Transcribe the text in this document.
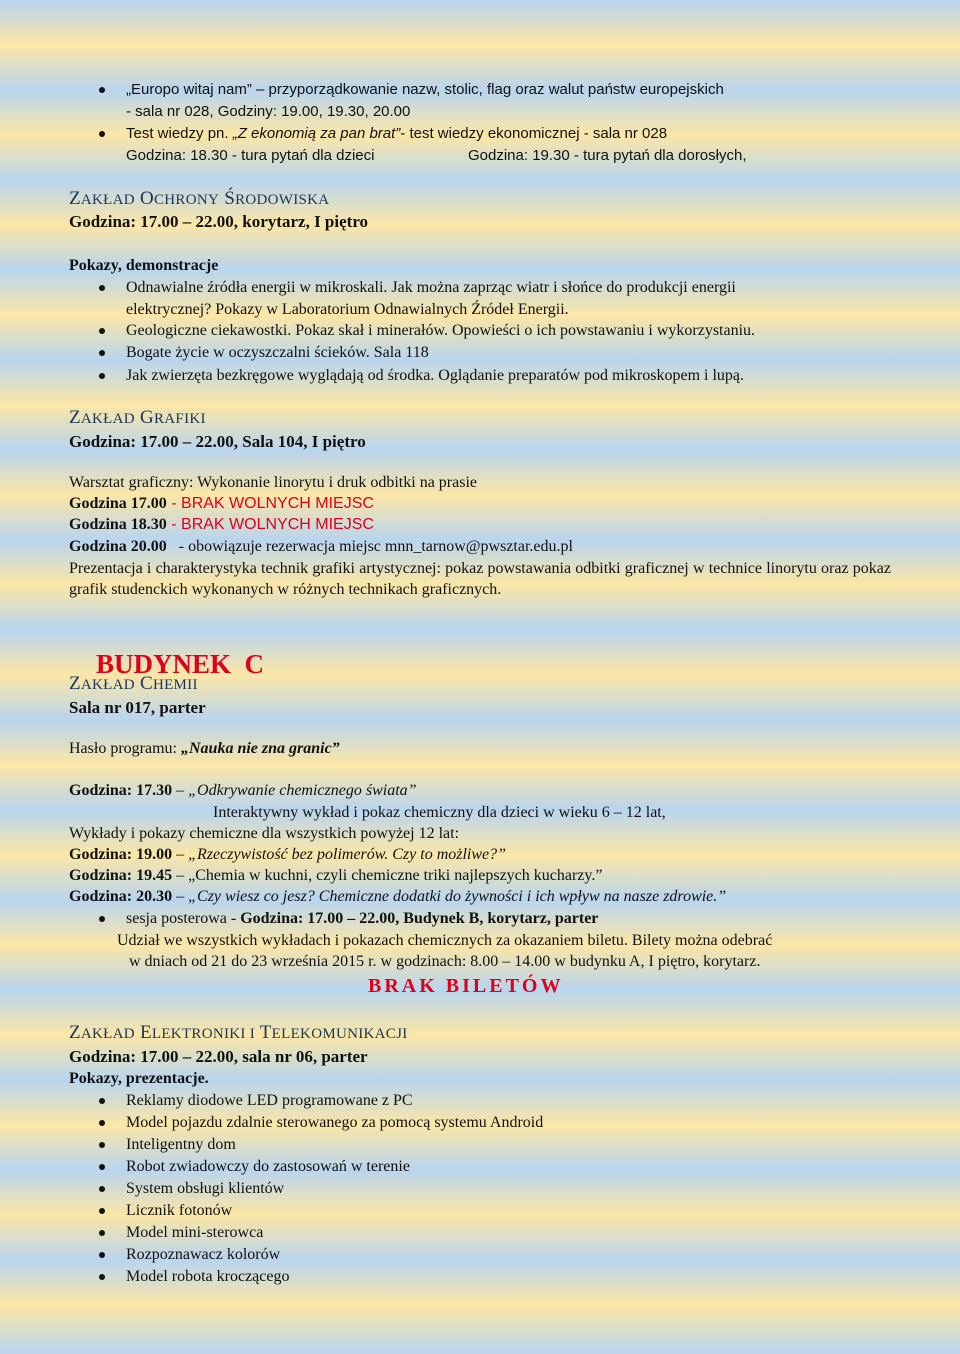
„Europo witaj nam” – przyporządkowanie nazw, stolic, flag oraz walut państw europejskich
- sala nr 028, Godziny: 19.00, 19.30, 20.00
Test wiedzy pn. „Z ekonomią za pan brat”- test wiedzy ekonomicznej - sala nr 028
Godzina: 18.30 - tura pytań dla dzieci	Godzina: 19.30 - tura pytań dla dorosłych,
ZAKŁAD OCHRONY ŚRODOWISKA
Godzina: 17.00 – 22.00, korytarz, I piętro
Pokazy, demonstracje
Odnawialne źródła energii w mikroskali. Jak można zaprząc wiatr i słońce do produkcji energii
elektrycznej? Pokazy w Laboratorium Odnawialnych Źródeł Energii.
Geologiczne ciekawostki. Pokaz skał i minerałów. Opowieści o ich powstawaniu i wykorzystaniu.
Bogate życie w oczyszczalni ścieków. Sala 118
Jak zwierzęta bezkręgowe wyglądają od środka. Oglądanie preparatów pod mikroskopem i lupą.
ZAKŁAD GRAFIKI
Godzina: 17.00 – 22.00, Sala 104, I piętro
Warsztat graficzny: Wykonanie linorytu i druk odbitki na prasie
Godzina 17.00 - BRAK WOLNYCH MIEJSC
Godzina 18.30 - BRAK WOLNYCH MIEJSC
Godzina 20.00   - obowiązuje rezerwacja miejsc mnn_tarnow@pwsztar.edu.pl
Prezentacja i charakterystyka technik grafiki artystycznej: pokaz powstawania odbitki graficznej w technice linorytu oraz pokaz grafik studenckich wykonanych w różnych technikach graficznych.

BUDYNEK  C

ZAKŁAD CHEMII
Sala nr 017, parter
Hasło programu: „Nauka nie zna granic”
Godzina: 17.30 – „Odkrywanie chemicznego świata”
Interaktywny wykład i pokaz chemiczny dla dzieci w wieku 6 – 12 lat,
Wykłady i pokazy chemiczne dla wszystkich powyżej 12 lat:
Godzina: 19.00 – „Rzeczywistość bez polimerów. Czy to możliwe?”
Godzina: 19.45 – „Chemia w kuchni, czyli chemiczne triki najlepszych kucharzy.”
Godzina: 20.30 – „Czy wiesz co jesz? Chemiczne dodatki do żywności i ich wpływ na nasze zdrowie.”
sesja posterowa - Godzina: 17.00 – 22.00, Budynek B, korytarz, parter
Udział we wszystkich wykładach i pokazach chemicznych za okazaniem biletu. Bilety można odebrać
w dniach od 21 do 23 września 2015 r. w godzinach: 8.00 – 14.00 w budynku A, I piętro, korytarz.
BRAK BILETÓW
ZAKŁAD ELEKTRONIKI I TELEKOMUNIKACJI
Godzina: 17.00 – 22.00, sala nr 06, parter
Pokazy, prezentacje.
Reklamy diodowe LED programowane z PC
Model pojazdu zdalnie sterowanego za pomocą systemu Android
Inteligentny dom
Robot zwiadowczy do zastosowań w terenie
System obsługi klientów
Licznik fotonów
Model mini-sterowca
Rozpoznawacz kolorów
Model robota kroczącego
